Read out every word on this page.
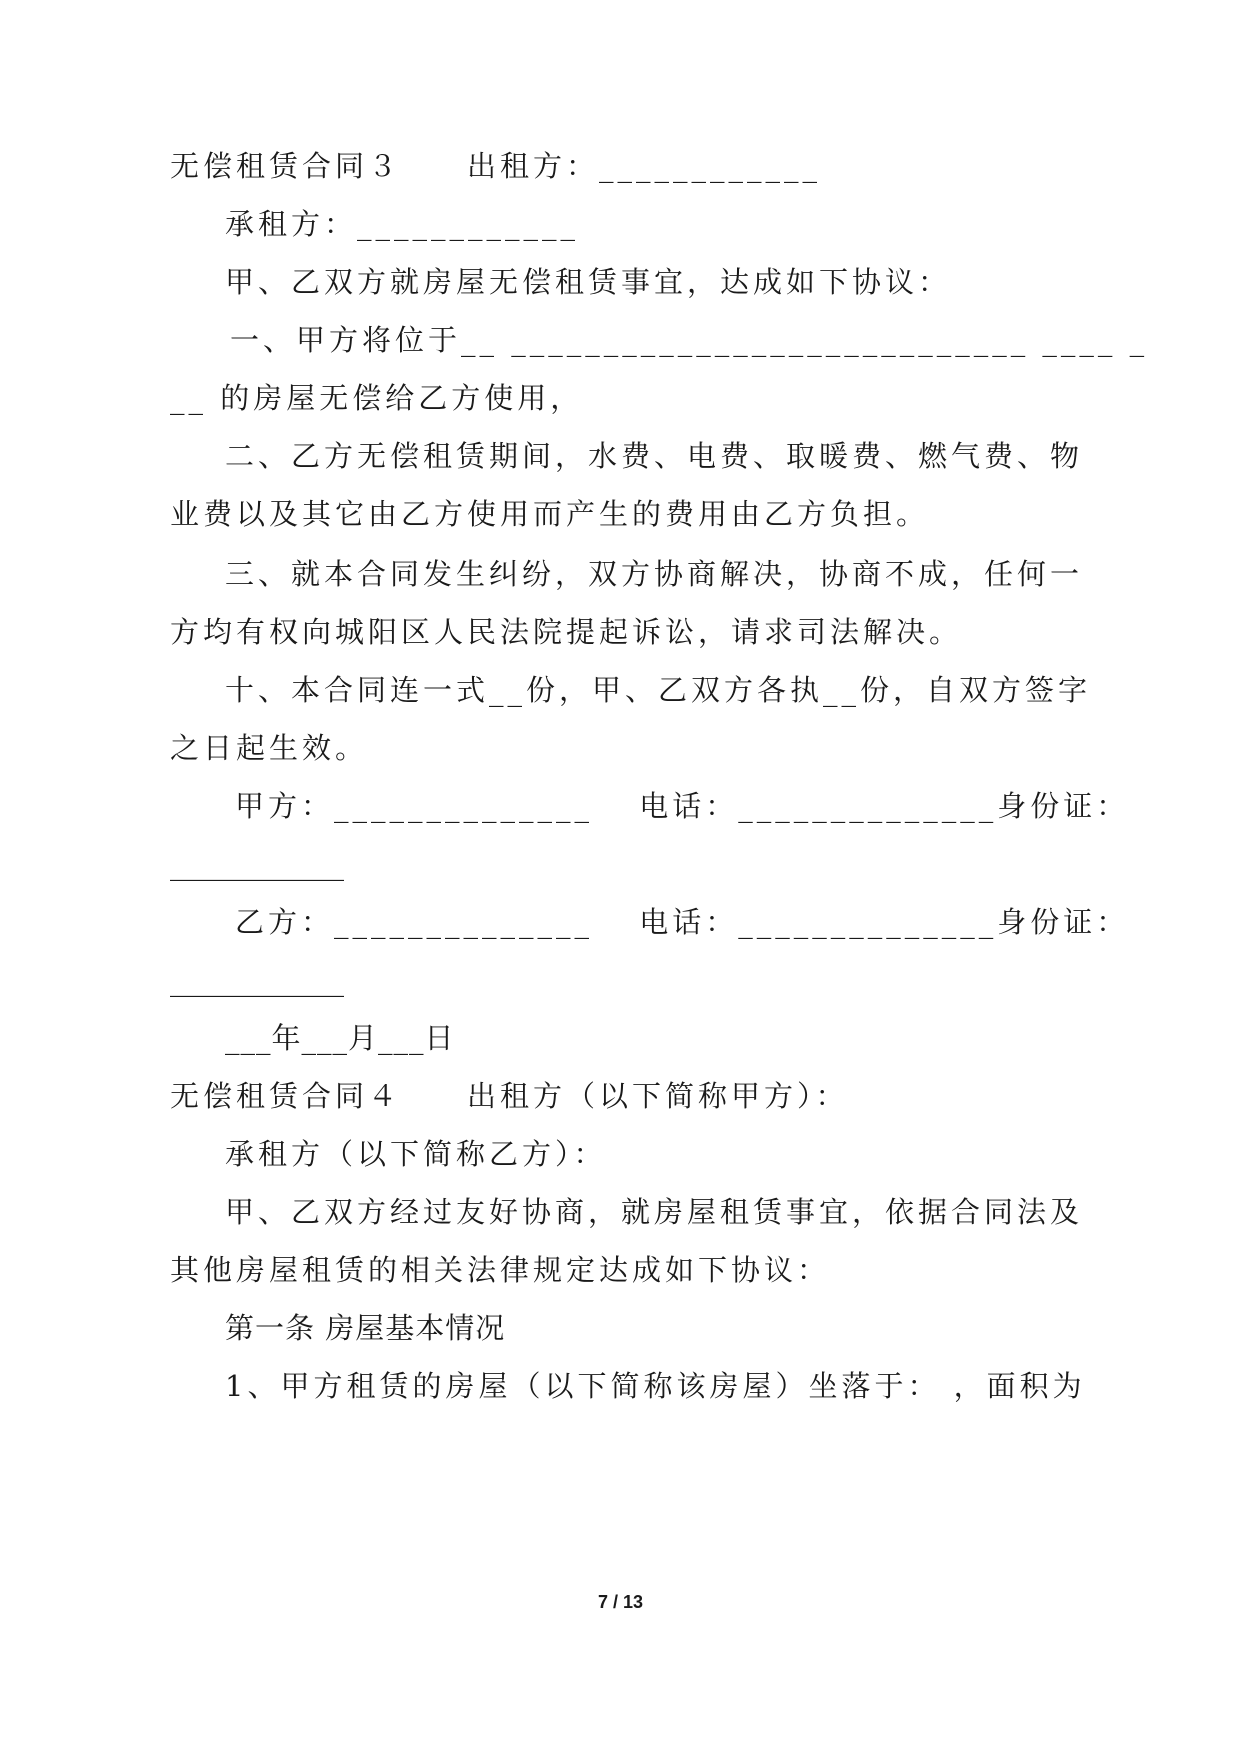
无偿租赁合同３　　出租方：____________
承租方：____________
甲、乙双方就房屋无偿租赁事宜，达成如下协议：
一、甲方将位于__ ____________________________ ____ _
__ 的房屋无偿给乙方使用，
二、乙方无偿租赁期间，水费、电费、取暖费、燃气费、物
业费以及其它由乙方使用而产生的费用由乙方负担。
三、就本合同发生纠纷，双方协商解决，协商不成，任何一
方均有权向城阳区人民法院提起诉讼，请求司法解决。
十、本合同连一式__份，甲、乙双方各执__份，自双方签字
之日起生效。
甲方：______________　 电话：______________身份证：
____________
乙方：______________　 电话：______________身份证：
____________
___年___月___日
无偿租赁合同４　　出租方（以下简称甲方）：
承租方（以下简称乙方）：
甲、乙双方经过友好协商，就房屋租赁事宜，依据合同法及
其他房屋租赁的相关法律规定达成如下协议：
第一条 房屋基本情况
1、甲方租赁的房屋（以下简称该房屋）坐落于： ，面积为
7 / 13
